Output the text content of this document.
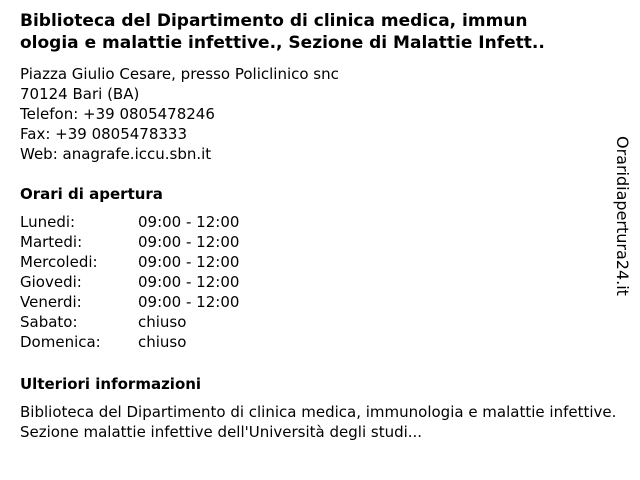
Biblioteca del Dipartimento di clinica medica, immun
ologia e malattie infettive., Sezione di Malattie Infett..
Piazza Giulio Cesare, presso Policlinico snc
70124 Bari (BA)
Telefon: +39 0805478246
Fax: +39 0805478333
Web: anagrafe.iccu.sbn.it
Orari di apertura
Lunedi:	09:00 - 12:00
Martedi:	09:00 - 12:00
Mercoledi:	09:00 - 12:00
Giovedi:	09:00 - 12:00
Venerdi:	09:00 - 12:00
Sabato:	chiuso
Domenica: chiuso
Ulteriori informazioni
Biblioteca del Dipartimento di clinica medica, immunologia e malattie infettive. Sezione malattie infettive dell'Università degli studi...
Oraridiapertura24.it
